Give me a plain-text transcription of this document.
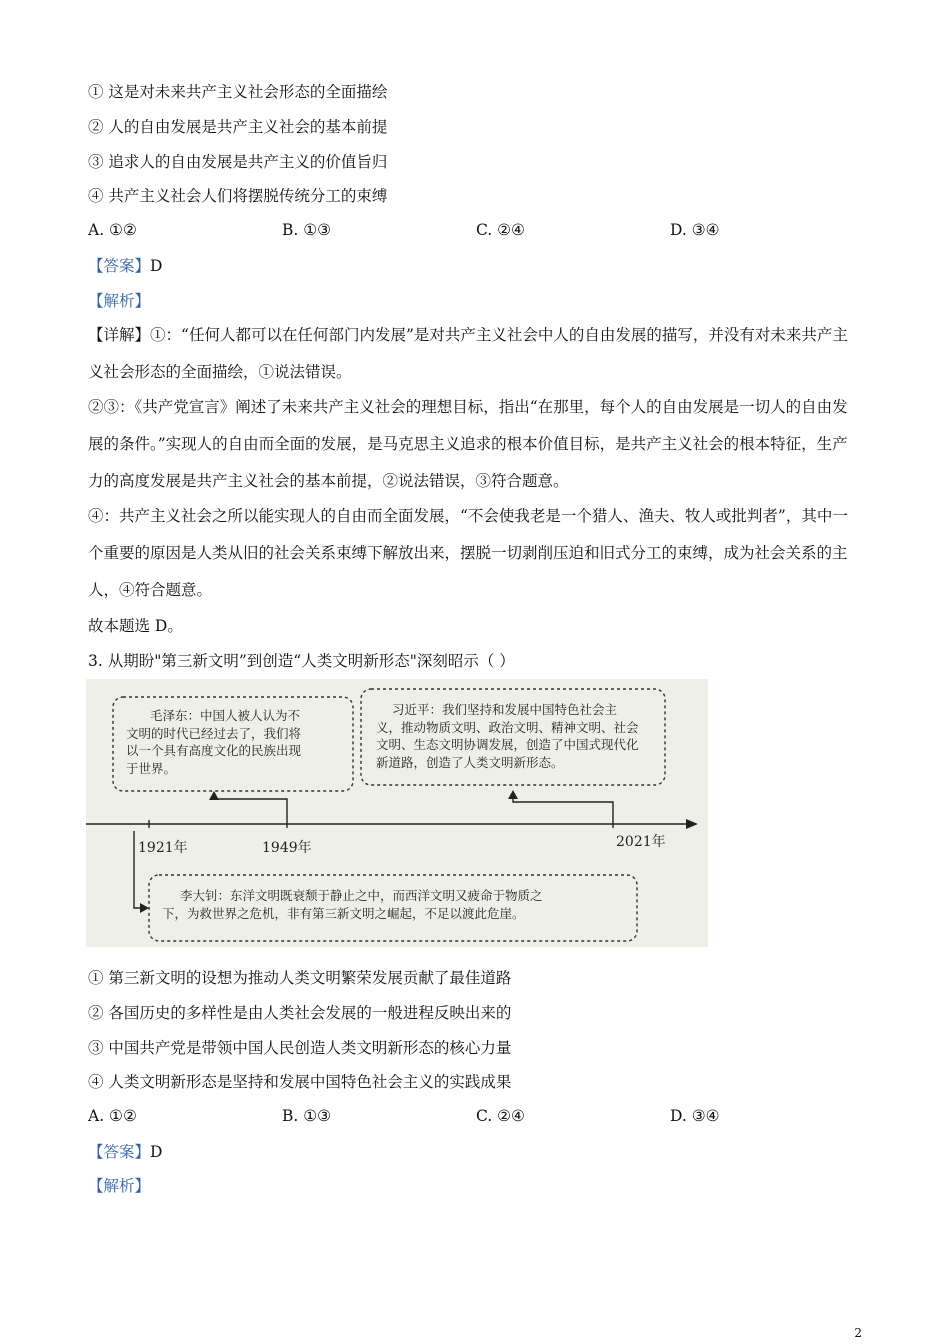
① 这是对未来共产主义社会形态的全面描绘
② 人的自由发展是共产主义社会的基本前提
③ 追求人的自由发展是共产主义的价值旨归
④ 共产主义社会人们将摆脱传统分工的束缚
A. ①②	B. ①③	C. ②④	D. ③④
【答案】D
【解析】
【详解】①：“任何人都可以在任何部门内发展”是对共产主义社会中人的自由发展的描写，并没有对未来共产主义社会形态的全面描绘，①说法错误。
②③：《共产党宣言》阐述了未来共产主义社会的理想目标，指出“在那里，每个人的自由发展是一切人的自由发展的条件。”实现人的自由而全面的发展，是马克思主义追求的根本价值目标，是共产主义社会的根本特征，生产力的高度发展是共产主义社会的基本前提，②说法错误，③符合题意。
④：共产主义社会之所以能实现人的自由而全面发展，“不会使我老是一个猎人、渔夫、牧人或批判者”，其中一个重要的原因是人类从旧的社会关系束缚下解放出来，摆脱一切剥削压迫和旧式分工的束缚，成为社会关系的主人，④符合题意。
故本题选 D。
3. 从期盼"第三新文明”到创造“人类文明新形态"深刻昭示（ ）
毛泽东：中国人被人认为不
文明的时代已经过去了，我们将
以一个具有高度文化的民族出现
于世界。
习近平：我们坚持和发展中国特色社会主
义，推动物质文明、政治文明、精神文明、社会
文明、生态文明协调发展，创造了中国式现代化
新道路，创造了人类文明新形态。
李大钊：东洋文明既衰颓于静止之中，而西洋文明又疲命于物质之
下，为救世界之危机，非有第三新文明之崛起，不足以渡此危崖。
1921年	1949年	2021年
① 第三新文明的设想为推动人类文明繁荣发展贡献了最佳道路
② 各国历史的多样性是由人类社会发展的一般进程反映出来的
③ 中国共产党是带领中国人民创造人类文明新形态的核心力量
④ 人类文明新形态是坚持和发展中国特色社会主义的实践成果
A. ①②	B. ①③	C. ②④	D. ③④
【答案】D
【解析】
2
